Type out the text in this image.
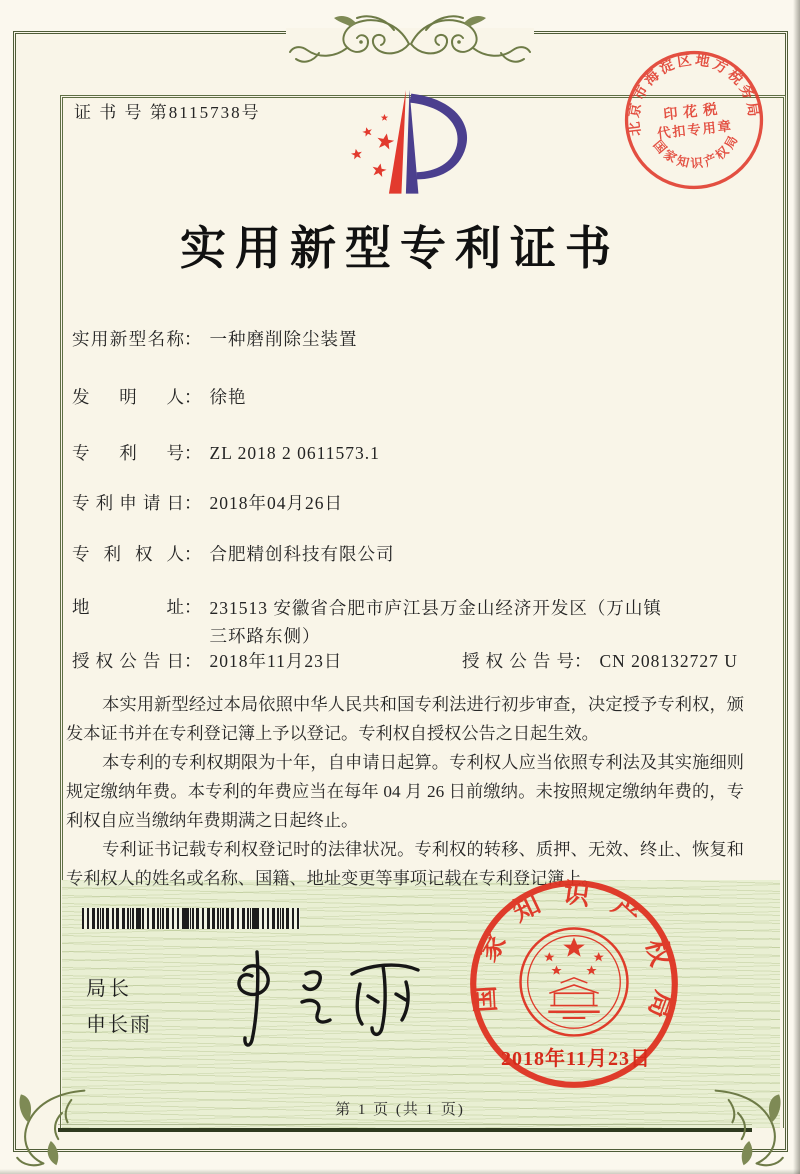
证 书 号 第8115738号
北京市海淀区地方税务局
国家知识产权局
印花税
代扣专用章
实用新型专利证书
实用新型名称： 一种磨削除尘装置
发明人： 徐艳
专利号： ZL 2018 2 0611573.1
专利申请日： 2018年04月26日
专利权人： 合肥精创科技有限公司
地址： 231513 安徽省合肥市庐江县万金山经济开发区（万山镇
三环路东侧）
授权公告日： 2018年11月23日	授权公告号： CN 208132727 U

本实用新型经过本局依照中华人民共和国专利法进行初步审查，决定授予专利权，颁发本证书并在专利登记簿上予以登记。专利权自授权公告之日起生效。

本专利的专利权期限为十年，自申请日起算。专利权人应当依照专利法及其实施细则规定缴纳年费。本专利的年费应当在每年 04 月 26 日前缴纳。未按照规定缴纳年费的，专利权自应当缴纳年费期满之日起终止。

专利证书记载专利权登记时的法律状况。专利权的转移、质押、无效、终止、恢复和专利权人的姓名或名称、国籍、地址变更等事项记载在专利登记簿上。

局长
申长雨
国家知识产权局
2018年11月23日
第 1 页 (共 1 页)
